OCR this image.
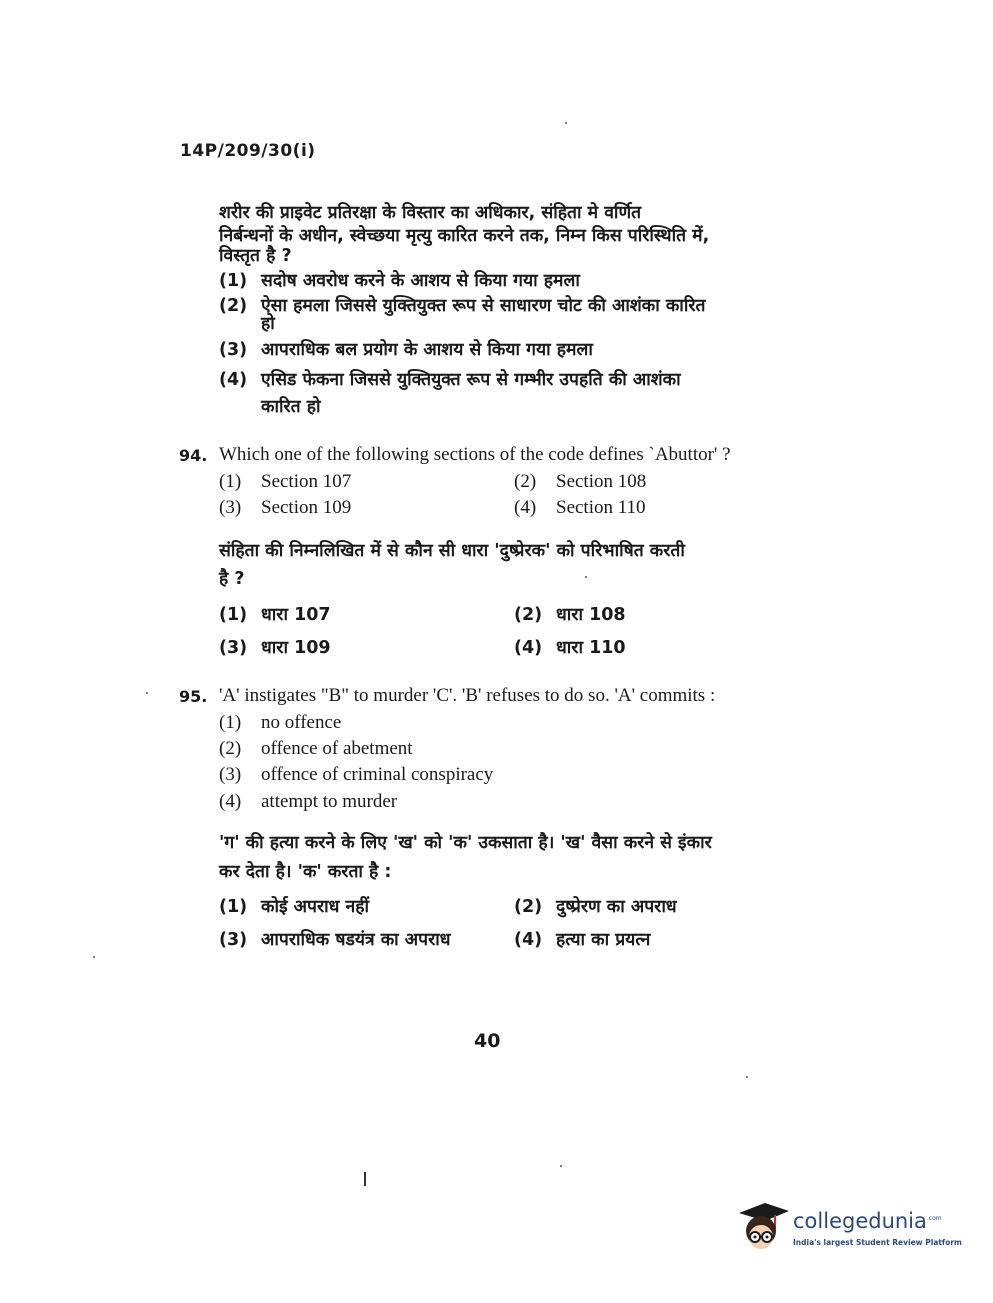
14P/209/30(i)
शरीर की प्राइवेट प्रतिरक्षा के विस्तार का अधिकार, संहिता मे वर्णित
निर्बन्धनों के अधीन, स्वेच्छया मृत्यु कारित करने तक, निम्न किस परिस्थिति में,
विस्तृत है ?
(1) सदोष अवरोध करने के आशय से किया गया हमला
(2) ऐसा हमला जिससे युक्तियुक्त रूप से साधारण चोट की आशंका कारित
हो
(3) आपराधिक बल प्रयोग के आशय से किया गया हमला
(4) एसिड फेकना जिससे युक्तियुक्त रूप से गम्भीर उपहति की आशंका
कारित हो
94. Which one of the following sections of the code defines `Abuttor' ?
(1) Section 107	(2) Section 108
(3) Section 109	(4) Section 110
संहिता की निम्नलिखित में से कौन सी धारा 'दुष्प्रेरक' को परिभाषित करती
है ?
(1) धारा 107	(2) धारा 108
(3) धारा 109	(4) धारा 110
95. 'A' instigates "B" to murder 'C'. 'B' refuses to do so. 'A' commits :
(1) no offence
(2) offence of abetment
(3) offence of criminal conspiracy
(4) attempt to murder
'ग' की हत्या करने के लिए 'ख' को 'क' उकसाता है। 'ख' वैसा करने से इंकार
कर देता है। 'क' करता है :
(1) कोई अपराध नहीं	(2) दुष्प्रेरण का अपराध
(3) आपराधिक षडयंत्र का अपराध	(4) हत्या का प्रयत्न
40
collegedunia$^{.com}$
India's largest Student Review Platform
